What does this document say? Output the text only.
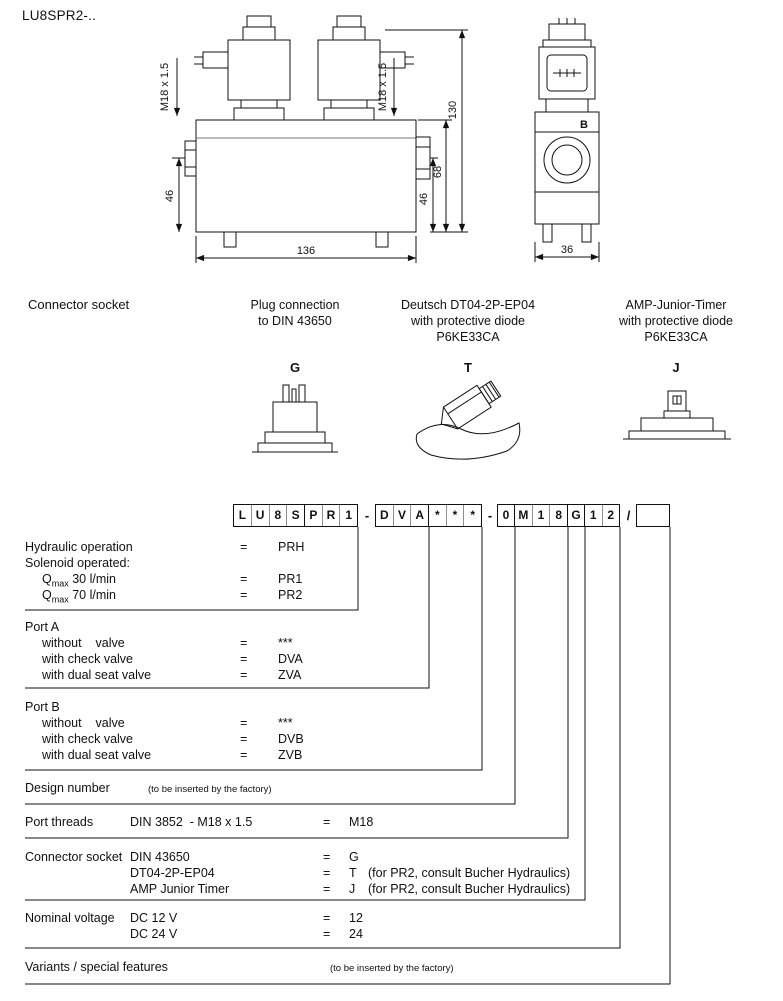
LU8SPR2-..
M18 x 1.5	M18 x 1.5	130
46
68
46
136	36
B
Connector socket	Plug connection
to DIN 43650
Deutsch DT04-2P-EP04
with protective diode
P6KE33CA
AMP-Junior-Timer
with protective diode
P6KE33CA
G	T	J
L U 8 S P R 1 - D V A *	*	* - 0 M 1 8 G 1 2 /
Hydraulic operation	= PRH
Solenoid operated:
$Q_{max}$ 30 l/min	= PR1
$Q_{max}$ 70 l/min	= PR2
Port A
without    valve	= ***
with check valve	= DVA
with dual seat valve	= ZVA
Port B
without    valve	= ***
with check valve	= DVB
with dual seat valve	= ZVB
Design number	(to be inserted by the factory)
Port threads	DIN 3852  - M18 x 1.5	= M18
Connector socket DIN 43650	= G
DT04-2P-EP04	= T (for PR2, consult Bucher Hydraulics)
AMP Junior Timer	= J (for PR2, consult Bucher Hydraulics)
Nominal voltage DC 12 V	= 12
DC 24 V	= 24
Variants / special features	(to be inserted by the factory)
